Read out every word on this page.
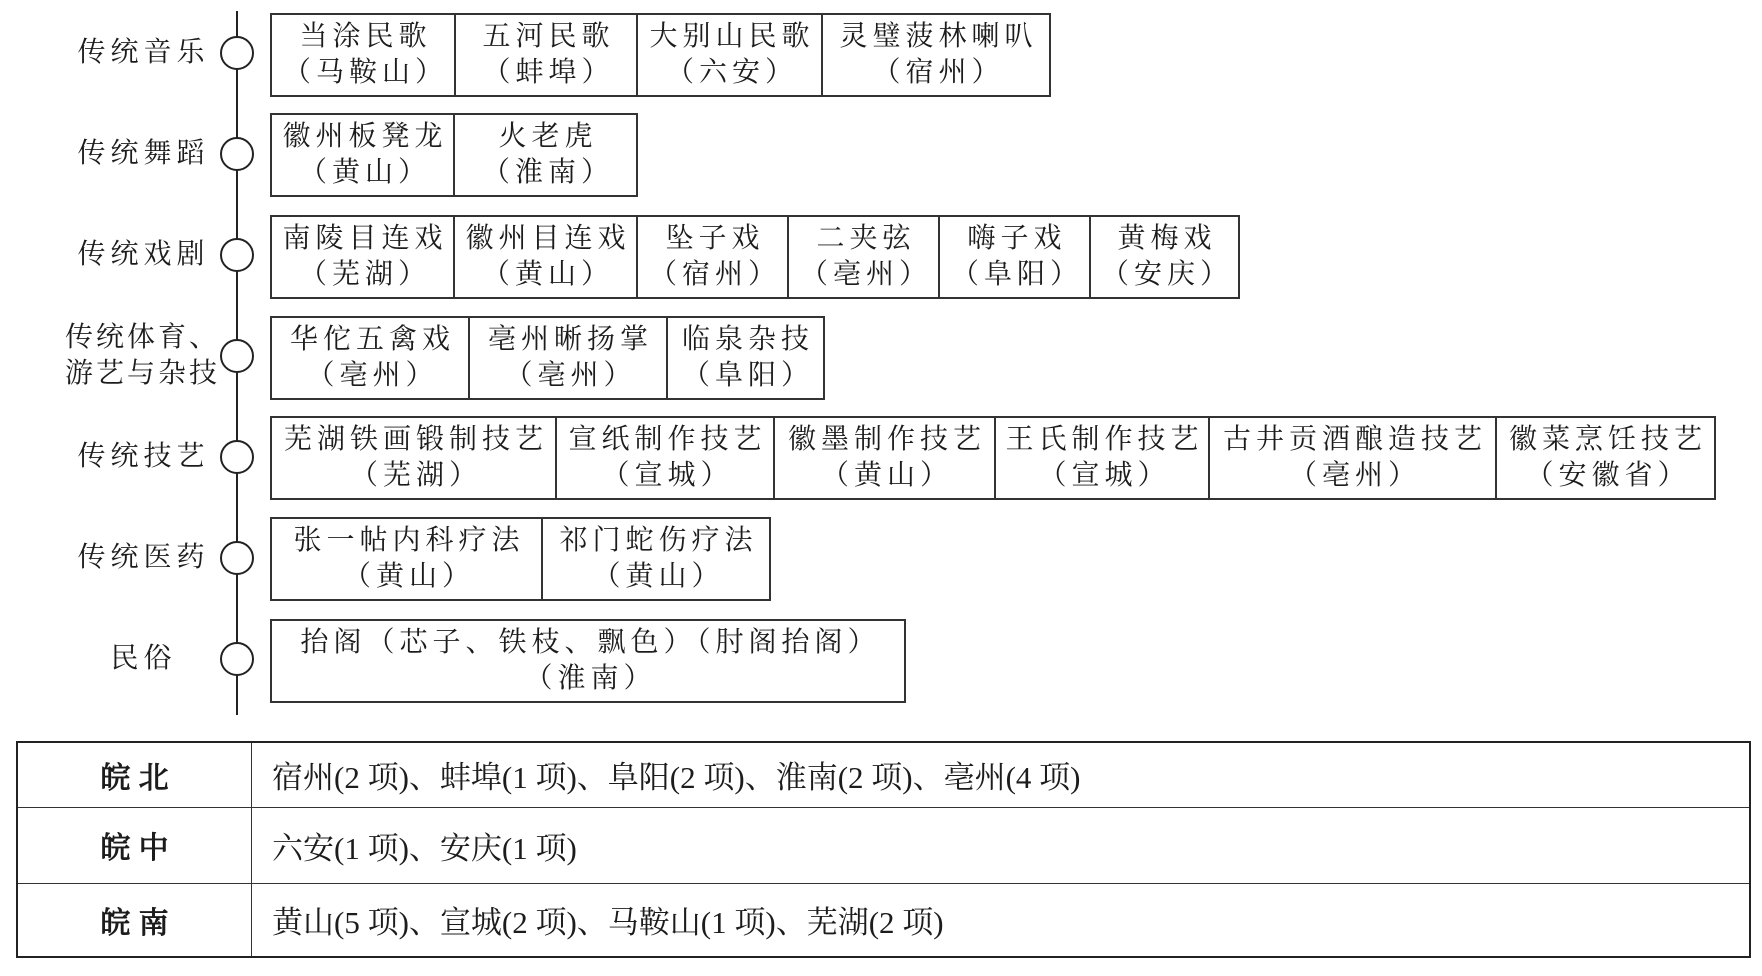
传统音乐
传统舞蹈
传统戏剧
传统体育、
游艺与杂技
传统技艺
传统医药
民俗
当涂民歌
（马鞍山）
五河民歌
（蚌埠）
大别山民歌
（六安）
灵璧菠林喇叭
（宿州）
徽州板凳龙
（黄山）
火老虎
（淮南）
南陵目连戏
（芜湖）
徽州目连戏
（黄山）
坠子戏
（宿州）
二夹弦
（亳州）
嗨子戏
（阜阳）
黄梅戏
（安庆）
华佗五禽戏
（亳州）
亳州晰扬掌
（亳州）
临泉杂技
（阜阳）
芜湖铁画锻制技艺
（芜湖）
宣纸制作技艺
（宣城）
徽墨制作技艺
（黄山）
王氏制作技艺
（宣城）
古井贡酒酿造技艺
（亳州）
徽菜烹饪技艺
（安徽省）
张一帖内科疗法
（黄山）
祁门蛇伤疗法
（黄山）
抬阁（芯子、铁枝、飘色）（肘阁抬阁）
（淮南）
皖 北	宿州(2 项)、蚌埠(1 项)、阜阳(2 项)、淮南(2 项)、亳州(4 项)
皖 中	六安(1 项)、安庆(1 项)
皖 南	黄山(5 项)、宣城(2 项)、马鞍山(1 项)、芜湖(2 项)
